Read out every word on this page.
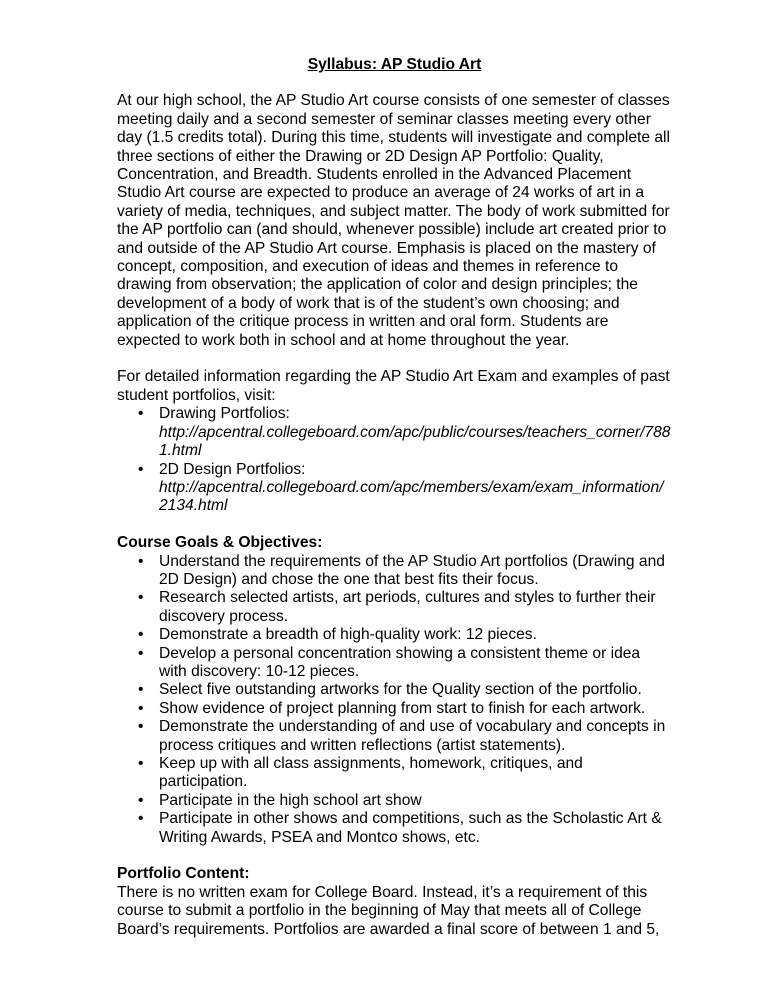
Syllabus: AP Studio Art

At our high school, the AP Studio Art course consists of one semester of classes meeting daily and a second semester of seminar classes meeting every other day (1.5 credits total). During this time, students will investigate and complete all three sections of either the Drawing or 2D Design AP Portfolio: Quality, Concentration, and Breadth. Students enrolled in the Advanced Placement Studio Art course are expected to produce an average of 24 works of art in a variety of media, techniques, and subject matter. The body of work submitted for the AP portfolio can (and should, whenever possible) include art created prior to and outside of the AP Studio Art course. Emphasis is placed on the mastery of concept, composition, and execution of ideas and themes in reference to drawing from observation; the application of color and design principles; the development of a body of work that is of the student’s own choosing; and application of the critique process in written and oral form. Students are expected to work both in school and at home throughout the year.

For detailed information regarding the AP Studio Art Exam and examples of past student portfolios, visit:

• Drawing Portfolios:
http://apcentral.collegeboard.com/apc/public/courses/teachers_corner/7881.html
• 2D Design Portfolios:
http://apcentral.collegeboard.com/apc/members/exam/exam_information/2134.html

Course Goals & Objectives:

• Understand the requirements of the AP Studio Art portfolios (Drawing and 2D Design) and chose the one that best fits their focus.
• Research selected artists, art periods, cultures and styles to further their discovery process.
• Demonstrate a breadth of high-quality work: 12 pieces.
• Develop a personal concentration showing a consistent theme or idea with discovery: 10-12 pieces.
• Select five outstanding artworks for the Quality section of the portfolio.
• Show evidence of project planning from start to finish for each artwork.
• Demonstrate the understanding of and use of vocabulary and concepts in process critiques and written reflections (artist statements).
• Keep up with all class assignments, homework, critiques, and participation.
• Participate in the high school art show
• Participate in other shows and competitions, such as the Scholastic Art & Writing Awards, PSEA and Montco shows, etc.

Portfolio Content:

There is no written exam for College Board. Instead, it’s a requirement of this course to submit a portfolio in the beginning of May that meets all of College Board’s requirements. Portfolios are awarded a final score of between 1 and 5,
